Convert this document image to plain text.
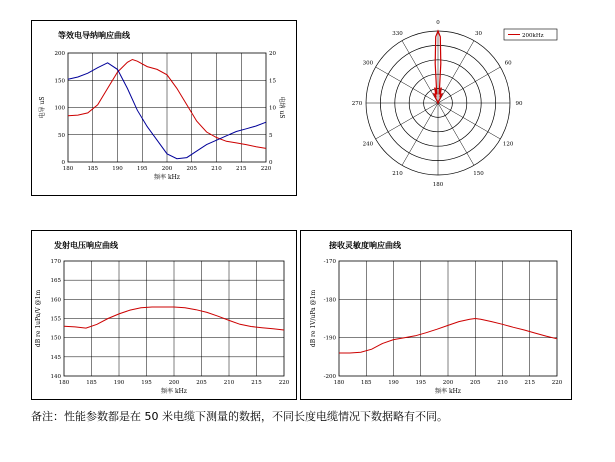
180	185	190	195	200	205	210	215	220
0
50
100
150
200
0
5
10
15
20
电导 uS	电纳 uS
频率 kHz
等效电导纳响应曲线
0
30
60
90
120
150
180
210
240
270
300
330	200kHz
180	185	190	195	200	205	210	215	220
140
145
150
155
160
165
170
dB re 1uPa/V @1m
频率 kHz
发射电压响应曲线
180	185	190	195	200	205	210	215	220
-170
-180
-190
-200
dB re 1V/uPa @1m
频率 kHz
接收灵敏度响应曲线
备注：性能参数都是在 50 米电缆下测量的数据，不同长度电缆情况下数据略有不同。
